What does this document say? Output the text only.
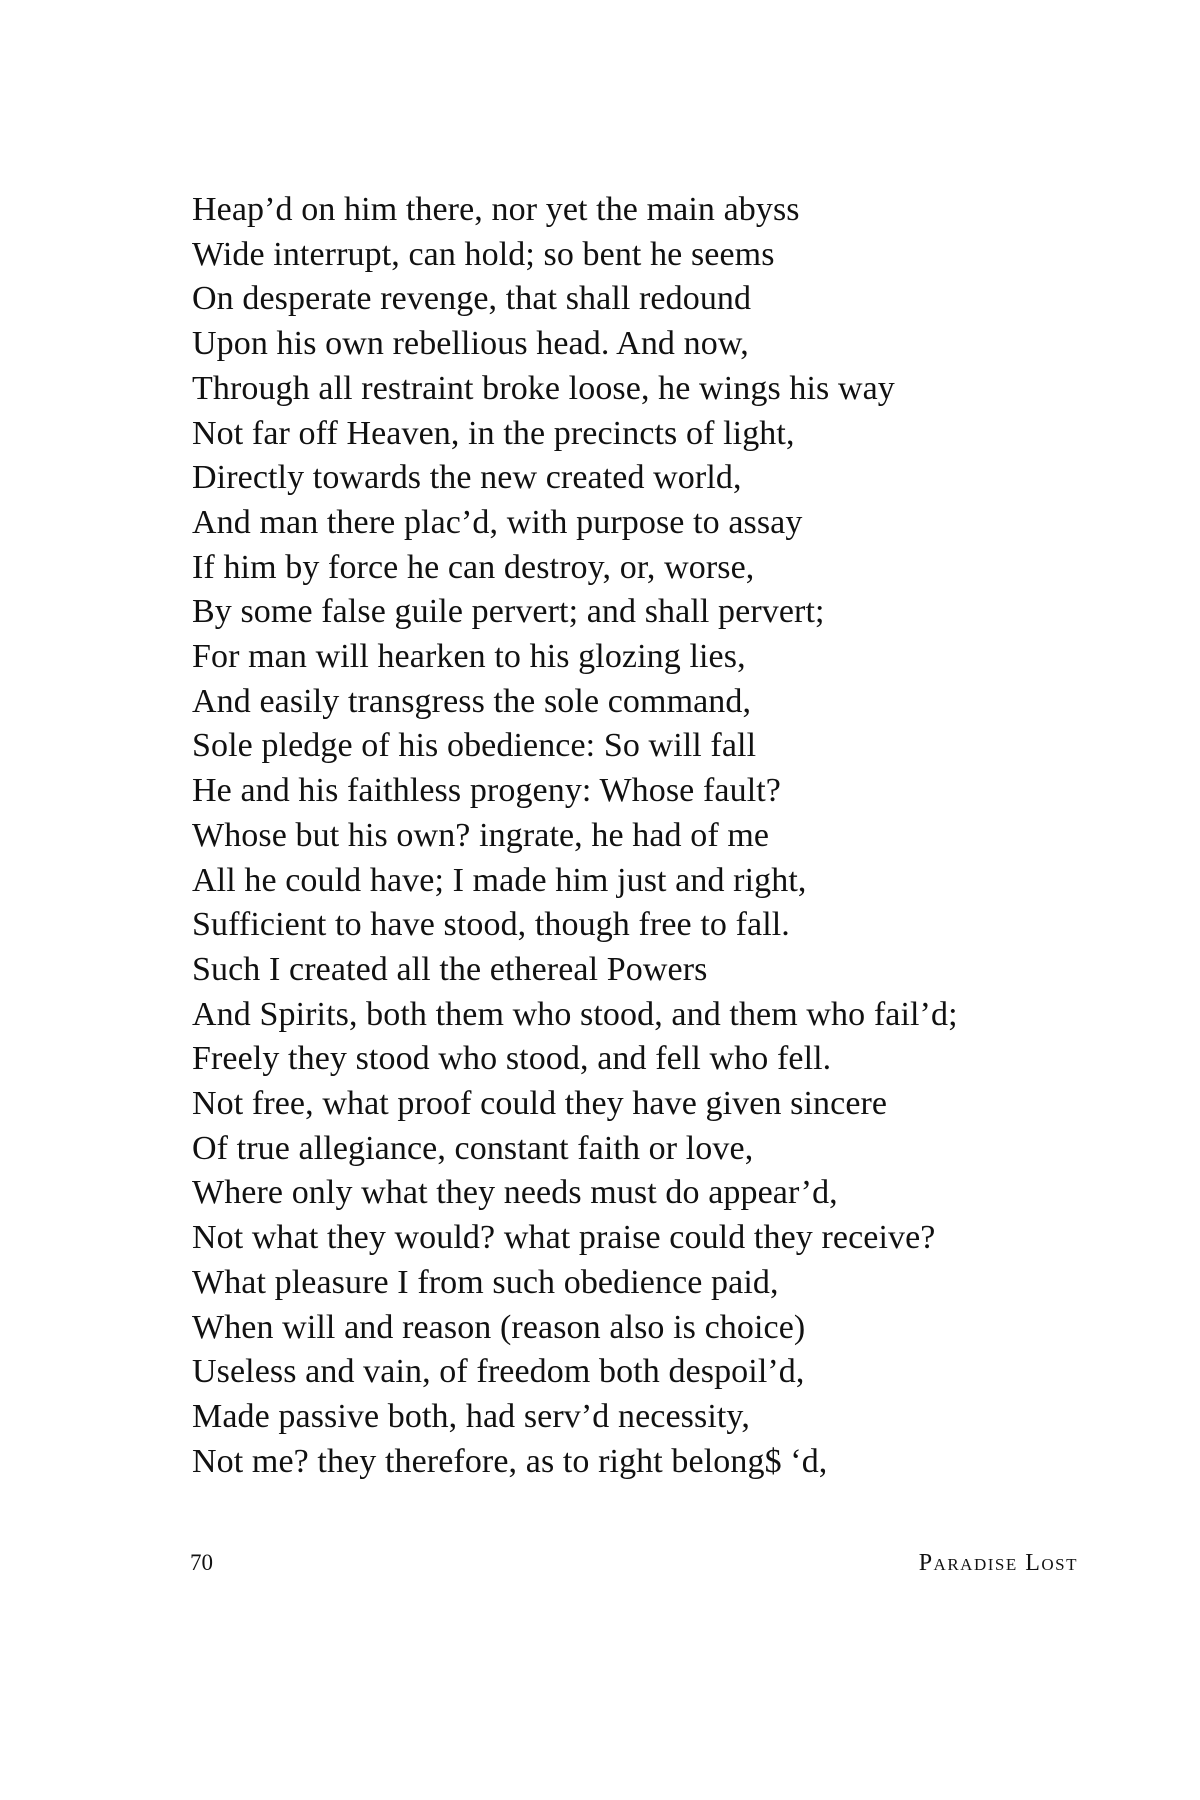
Heap’d on him there, nor yet the main abyss
Wide interrupt, can hold; so bent he seems
On desperate revenge, that shall redound
Upon his own rebellious head. And now,
Through all restraint broke loose, he wings his way
Not far off Heaven, in the precincts of light,
Directly towards the new created world,
And man there plac’d, with purpose to assay
If him by force he can destroy, or, worse,
By some false guile pervert; and shall pervert;
For man will hearken to his glozing lies,
And easily transgress the sole command,
Sole pledge of his obedience: So will fall
He and his faithless progeny: Whose fault?
Whose but his own? ingrate, he had of me
All he could have; I made him just and right,
Sufficient to have stood, though free to fall.
Such I created all the ethereal Powers
And Spirits, both them who stood, and them who fail’d;
Freely they stood who stood, and fell who fell.
Not free, what proof could they have given sincere
Of true allegiance, constant faith or love,
Where only what they needs must do appear’d,
Not what they would? what praise could they receive?
What pleasure I from such obedience paid,
When will and reason (reason also is choice)
Useless and vain, of freedom both despoil’d,
Made passive both, had serv’d necessity,
Not me? they therefore, as to right belong$ ‘d,
70	Paradise Lost
